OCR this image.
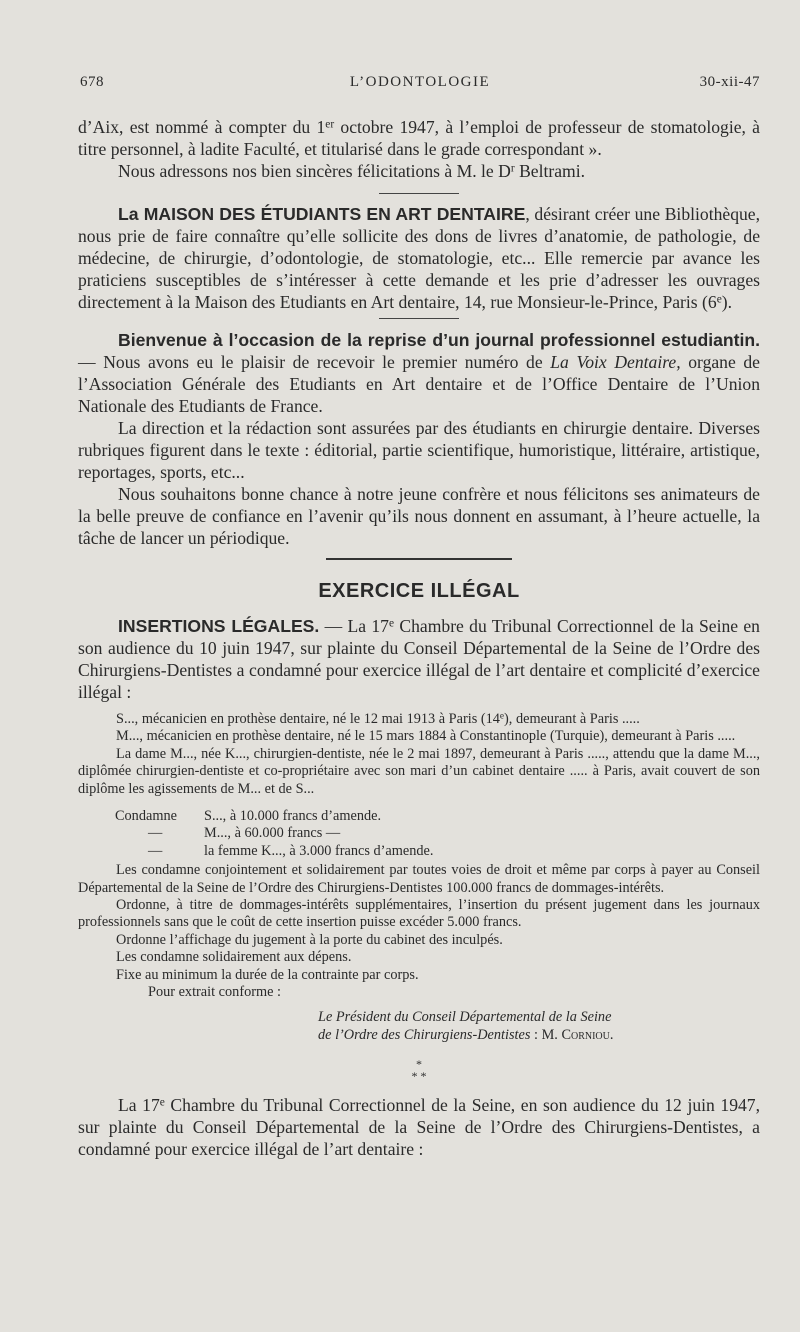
678	L’ODONTOLOGIE	30-xii-47

d’Aix, est nommé à compter du 1er octobre 1947, à l’emploi de professeur de stomatologie, à titre personnel, à ladite Faculté, et titularisé dans le grade correspondant ».

Nous adressons nos bien sincères félicitations à M. le $D^r$ Beltrami.

La MAISON DES ÉTUDIANTS EN ART DENTAIRE, désirant créer une Bibliothèque, nous prie de faire connaître qu’elle sollicite des dons de livres d’anatomie, de pathologie, de médecine, de chirurgie, d’odontologie, de stomatologie, etc... Elle remercie par avance les praticiens susceptibles de s’intéresser à cette demande et les prie d’adresser les ouvrages directement à la Maison des Etudiants en Art dentaire, 14, rue Monsieur-le-Prince, Paris (6e).

Bienvenue à l’occasion de la reprise d’un journal professionnel estudiantin. — Nous avons eu le plaisir de recevoir le premier numéro de La Voix Dentaire, organe de l’Association Générale des Etudiants en Art dentaire et de l’Office Dentaire de l’Union Nationale des Etudiants de France.

La direction et la rédaction sont assurées par des étudiants en chirurgie dentaire. Diverses rubriques figurent dans le texte : éditorial, partie scientifique, humoristique, littéraire, artistique, reportages, sports, etc...

Nous souhaitons bonne chance à notre jeune confrère et nous félicitons ses animateurs de la belle preuve de confiance en l’avenir qu’ils nous donnent en assumant, à l’heure actuelle, la tâche de lancer un périodique.

EXERCICE ILLÉGAL

INSERTIONS LÉGALES. — La 17e Chambre du Tribunal Correctionnel de la Seine en son audience du 10 juin 1947, sur plainte du Conseil Départemental de la Seine de l’Ordre des Chirurgiens-Dentistes a condamné pour exercice illégal de l’art dentaire et complicité d’exercice illégal :

S..., mécanicien en prothèse dentaire, né le 12 mai 1913 à Paris (14e), demeurant à Paris .....

M..., mécanicien en prothèse dentaire, né le 15 mars 1884 à Constantinople (Turquie), demeurant à Paris .....

La dame M..., née K..., chirurgien-dentiste, née le 2 mai 1897, demeurant à Paris ....., attendu que la dame M..., diplômée chirurgien-dentiste et co-propriétaire avec son mari d’un cabinet dentaire ..... à Paris, avait couvert de son diplôme les agissements de M... et de S...

Condamne	S..., à 10.000 francs d’amende.
—	M..., à 60.000 francs —
—	la femme K..., à 3.000 francs d’amende.

Les condamne conjointement et solidairement par toutes voies de droit et même par corps à payer au Conseil Départemental de la Seine de l’Ordre des Chirurgiens-Dentistes 100.000 francs de dommages-intérêts.

Ordonne, à titre de dommages-intérêts supplémentaires, l’insertion du présent jugement dans les journaux professionnels sans que le coût de cette insertion puisse excéder 5.000 francs.

Ordonne l’affichage du jugement à la porte du cabinet des inculpés.

Les condamne solidairement aux dépens.

Fixe au minimum la durée de la contrainte par corps.

Pour extrait conforme :

Le Président du Conseil Départemental de la Seine
de l’Ordre des Chirurgiens-Dentistes : M. Corniou.
*
* *

La 17e Chambre du Tribunal Correctionnel de la Seine, en son audience du 12 juin 1947, sur plainte du Conseil Départemental de la Seine de l’Ordre des Chirurgiens-Dentistes, a condamné pour exercice illégal de l’art dentaire :
